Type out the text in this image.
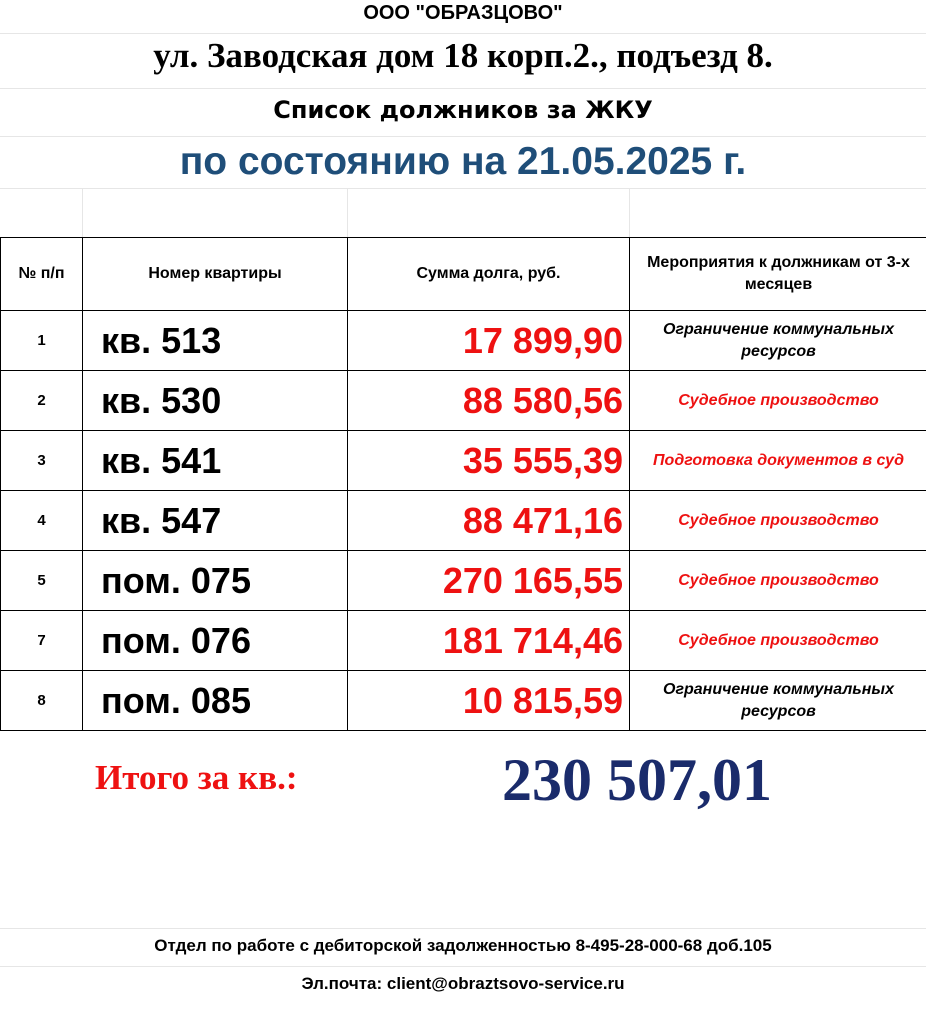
ООО "ОБРАЗЦОВО"
ул. Заводская дом 18 корп.2., подъезд 8.
Список должников за ЖКУ
по состоянию на 21.05.2025 г.
№ п/п	Номер квартиры	Сумма долга, руб.	Мероприятия к должникам от 3-х месяцев
1	кв. 513	17 899,90	Ограничение коммунальных ресурсов
2	кв. 530	88 580,56	Судебное производство
3	кв. 541	35 555,39	Подготовка документов в суд
4	кв. 547	88 471,16	Судебное производство
5	пом. 075	270 165,55	Судебное производство
7	пом. 076	181 714,46	Судебное производство
8	пом. 085	10 815,59	Ограничение коммунальных ресурсов
Итого за кв.:	230 507,01
Отдел по работе с дебиторской задолженностью 8-495-28-000-68 доб.105
Эл.почта: client@obraztsovo-service.ru
